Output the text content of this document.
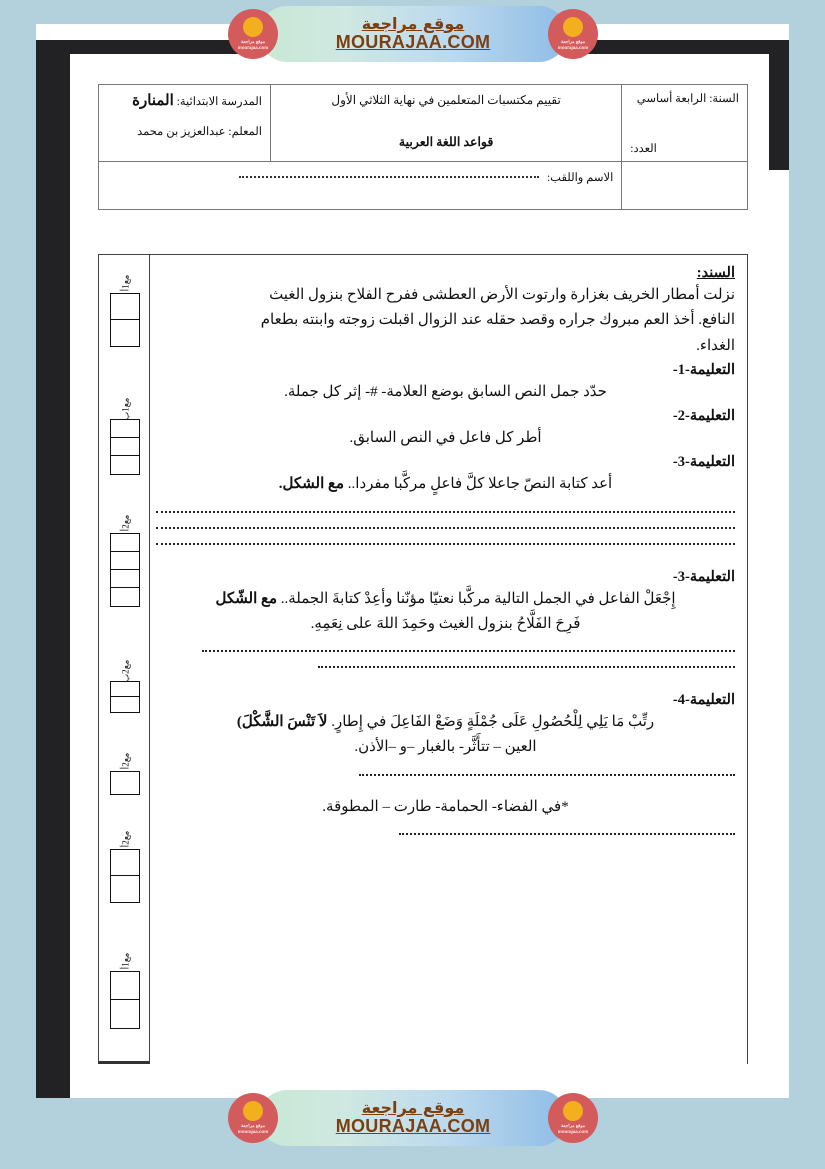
السنة: الرابعة أساسي
العدد:

تقييم مكتسبات المتعلمين في نهاية الثلاثي الأول
قواعد اللغة العربية

المدرسة الابتدائية: المنارة
المعلم: عبدالعزيز بن محمد

	الاسم واللقب:	
مع1أ
مع1ب
مع2أ
مع2ب
مع2أ
مع2أ
مع1أ
السند:
نزلت أمطار الخريف بغزارة وارتوت الأرض العطشى ففرح الفلاح بنزول الغيث
النافع. أخذ العم مبروك جراره وقصد حقله عند الزوال اقبلت زوجته وابنته بطعام
الغداء.
التعليمة-1-
حدّد جمل النص السابق بوضع العلامة- #- إثر كل جملة.
التعليمة-2-
أطر كل فاعل في النص السابق.
التعليمة-3-
أعد كتابة النصّ جاعلا كلَّ فاعلٍ مركَّبا مفردا.. مع الشكل.
التعليمة-3-
إِجْعَلْ الفاعل في الجمل التالية مركَّبا نعتيّا مؤنّنا وأعِدْ كتابةَ الجملة.. مع الشّكل
فَرِحَ الفَلَّاحُ بنزول الغيث وحَمِدَ اللهَ على نِعَمِهِ.
التعليمة-4-
رتِّبْ مَا يَلِي لِلْحُصُولِ عَلَى جُمْلَةٍ وَضَعْ الفَاعِلَ في إِطارٍ. لاَ تَنْسَ الشَّكْلَ)
العين – تتأَثَّر- بالغبار –و –الأذن.
*في الفضاء- الحمامة- طارت – المطوقة.
موقع مراجعة
mourajaa.com
موقع مراجعة
MOURAJAA.COM	موقع مراجعة
mourajaa.com
موقع مراجعة
mourajaa.com
موقع مراجعة
MOURAJAA.COM	موقع مراجعة
mourajaa.com
